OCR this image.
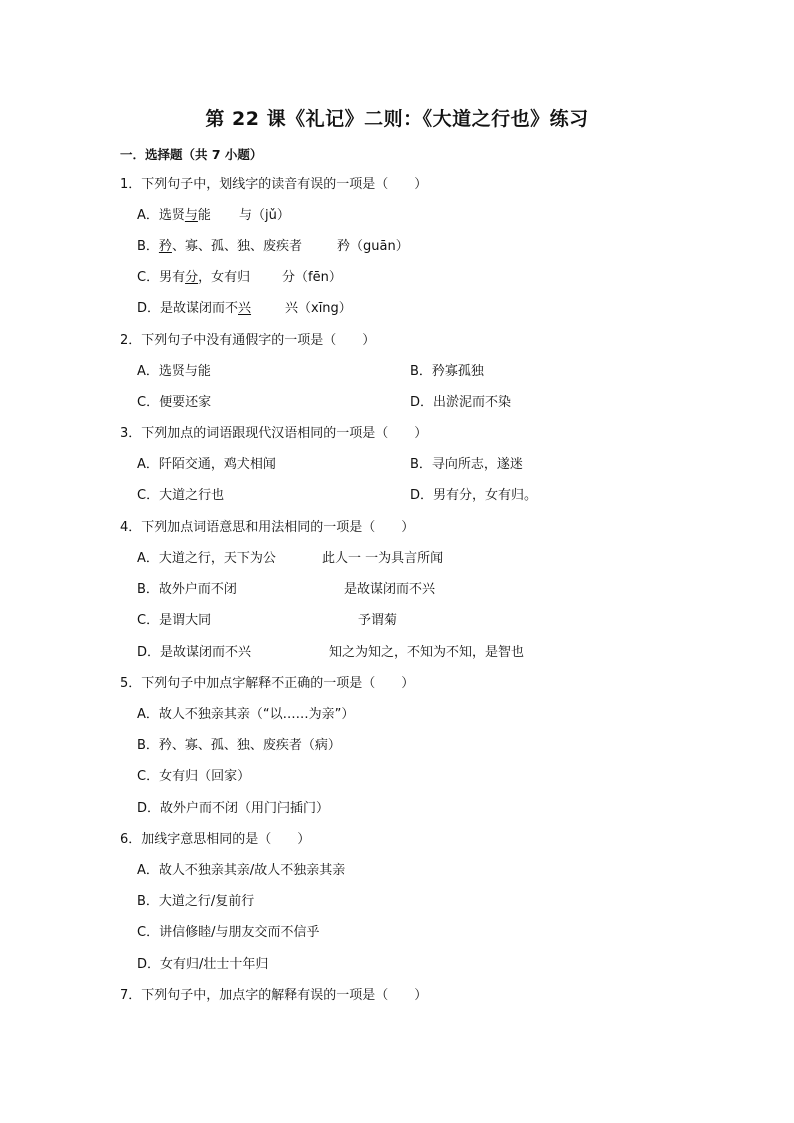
第 22 课《礼记》二则：《大道之行也》练习
一．选择题（共 7 小题）
1．下列句子中，划线字的读音有误的一项是（　　）
A．选贤与能 与（jǔ）
B．矜、寡、孤、独、废疾者	矜（guān）
C．男有分，女有归 分（fēn）
D．是故谋闭而不兴	兴（xīng）
2．下列句子中没有通假字的一项是（　　）
A．选贤与能	B．矜寡孤独
C．便要还家	D．出淤泥而不染
3．下列加点的词语跟现代汉语相同的一项是（　　）
A．阡陌交通，鸡犬相闻	B．寻向所志，遂迷
C．大道之行也	D．男有分，女有归。
4．下列加点词语意思和用法相同的一项是（　　）
A．大道之行，天下为公	此人一 一为具言所闻
B．故外户而不闭	是故谋闭而不兴
C．是谓大同	予谓菊
D．是故谋闭而不兴	知之为知之，不知为不知，是智也
5．下列句子中加点字解释不正确的一项是（　　）
A．故人不独亲其亲（“以……为亲”）
B．矜、寡、孤、独、废疾者（病）
C．女有归（回家）
D．故外户而不闭（用门闩插门）
6．加线字意思相同的是（　　）
A．故人不独亲其亲/故人不独亲其亲
B．大道之行/复前行
C．讲信修睦/与朋友交而不信乎
D．女有归/壮士十年归
7．下列句子中，加点字的解释有误的一项是（　　）
